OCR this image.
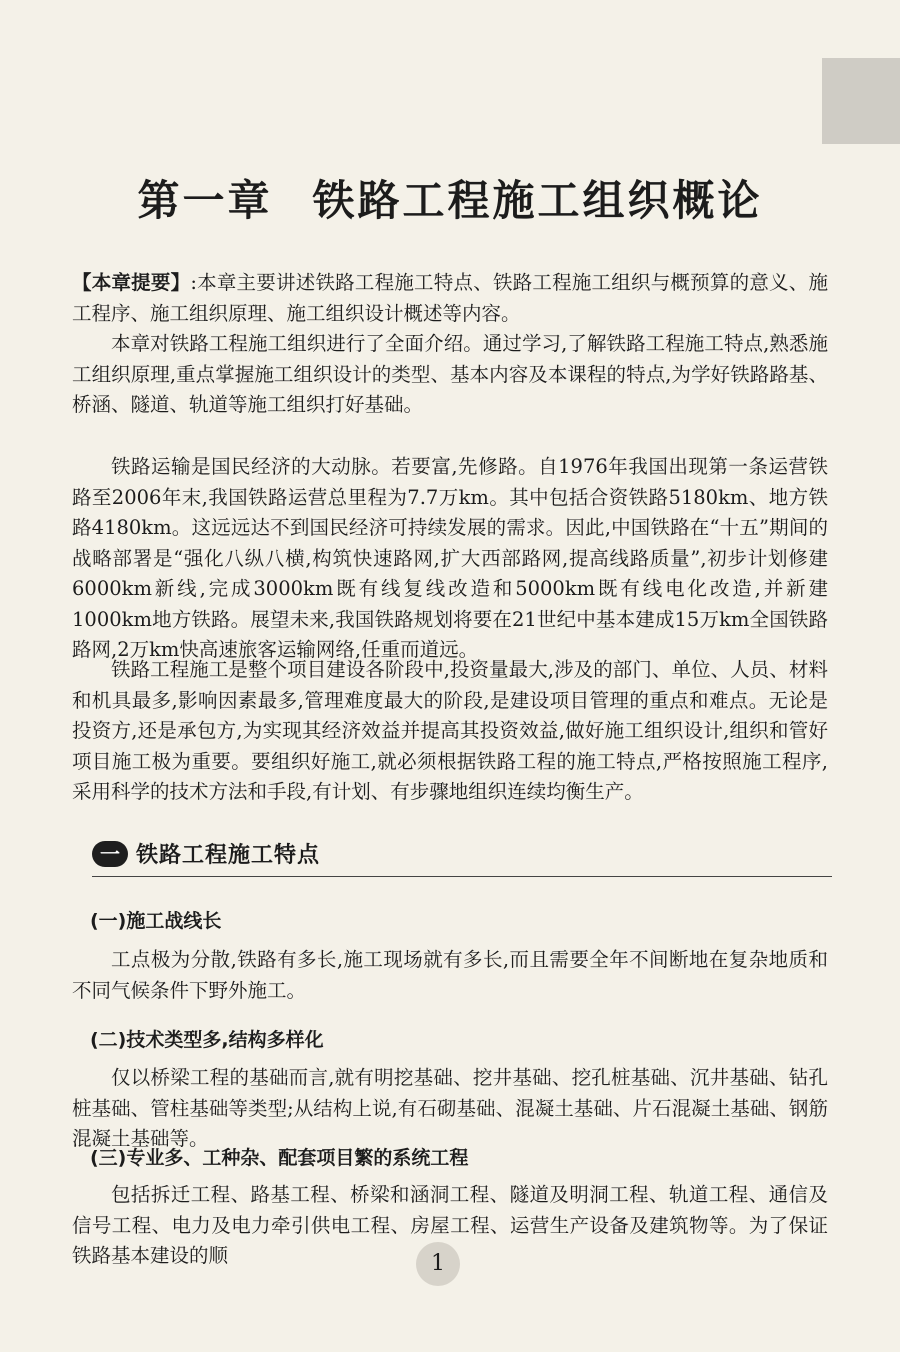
第一章 铁路工程施工组织概论

【本章提要】:本章主要讲述铁路工程施工特点、铁路工程施工组织与概预算的意义、施工程序、施工组织原理、施工组织设计概述等内容。

本章对铁路工程施工组织进行了全面介绍。通过学习,了解铁路工程施工特点,熟悉施工组织原理,重点掌握施工组织设计的类型、基本内容及本课程的特点,为学好铁路路基、桥涵、隧道、轨道等施工组织打好基础。

铁路运输是国民经济的大动脉。若要富,先修路。自1976年我国出现第一条运营铁路至2006年末,我国铁路运营总里程为7.7万km。其中包括合资铁路5180km、地方铁路4180km。这远远达不到国民经济可持续发展的需求。因此,中国铁路在“十五”期间的战略部署是“强化八纵八横,构筑快速路网,扩大西部路网,提高线路质量”,初步计划修建6000km新线,完成3000km既有线复线改造和5000km既有线电化改造,并新建1000km地方铁路。展望未来,我国铁路规划将要在21世纪中基本建成15万km全国铁路路网,2万km快高速旅客运输网络,任重而道远。

铁路工程施工是整个项目建设各阶段中,投资量最大,涉及的部门、单位、人员、材料和机具最多,影响因素最多,管理难度最大的阶段,是建设项目管理的重点和难点。无论是投资方,还是承包方,为实现其经济效益并提高其投资效益,做好施工组织设计,组织和管好项目施工极为重要。要组织好施工,就必须根据铁路工程的施工特点,严格按照施工程序,采用科学的技术方法和手段,有计划、有步骤地组织连续均衡生产。

一 铁路工程施工特点
(一)施工战线长

工点极为分散,铁路有多长,施工现场就有多长,而且需要全年不间断地在复杂地质和不同气候条件下野外施工。

(二)技术类型多,结构多样化

仅以桥梁工程的基础而言,就有明挖基础、挖井基础、挖孔桩基础、沉井基础、钻孔桩基础、管柱基础等类型;从结构上说,有石砌基础、混凝土基础、片石混凝土基础、钢筋混凝土基础等。

(三)专业多、工种杂、配套项目繁的系统工程

包括拆迁工程、路基工程、桥梁和涵洞工程、隧道及明洞工程、轨道工程、通信及信号工程、电力及电力牵引供电工程、房屋工程、运营生产设备及建筑物等。为了保证铁路基本建设的顺	1
